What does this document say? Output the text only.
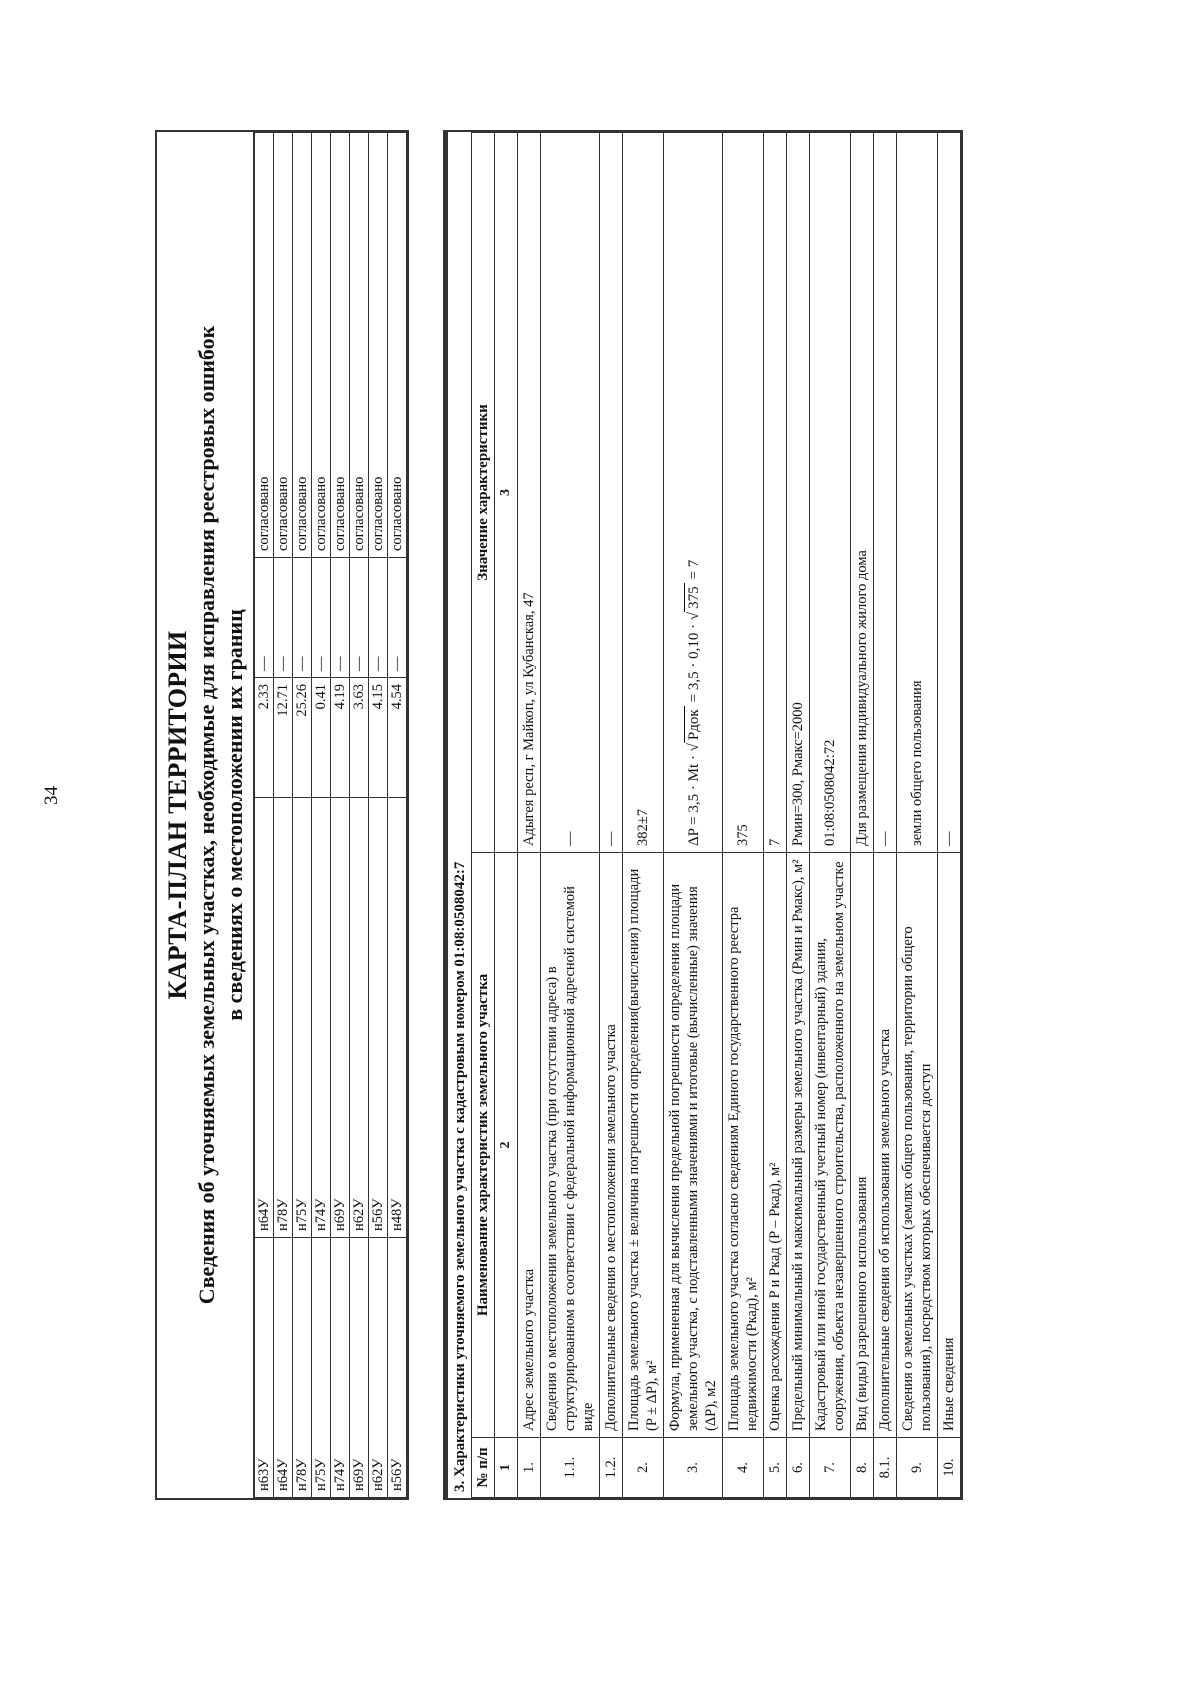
34	КАРТА-ПЛАН ТЕРРИТОРИИ Сведения об уточняемых земельных участках, необходимые для исправления реестровых ошибок в сведениях о местоположении их границ
н63У	н64У	2.33	—	согласовано
н64У	н78У	12.71	—	согласовано
н78У	н75У	25.26	—	согласовано
н75У	н74У	0.41	—	согласовано
н74У	н69У	4.19	—	согласовано
н69У	н62У	3.63	—	согласовано
н62У	н56У	4.15	—	согласовано
н56У	н48У	4.54	—	согласовано
3. Характеристики уточняемого земельного участка с кадастровым номером 01:08:0508042:7 № п/п	Наименование характеристик земельного участка	Значение характеристики
1	2	3
1.	Адрес земельного участка	Адыгея респ, г Майкоп, ул Кубанская, 47
1.1.	Сведения о местоположении земельного участка (при отсутствии адреса) в структурированном в соответствии с федеральной информационной адресной системой виде	—
1.2.	Дополнительные сведения о местоположении земельного участка	—
2.	Площадь земельного участка ± величина погрешности определения(вычисления) площади (P ± ΔP), м²	382±7
3.	Формула, примененная для вычисления предельной погрешности определения площади земельного участка, с подставленными значениями и итоговые (вычисленные) значения (ΔP), м2	ΔP = 3,5 · Mt · √Pдок= 3,5 · 0,10 · √375= 7
4.	Площадь земельного участка согласно сведениям Единого государственного реестра недвижимости (Pкад), м²	375
5.	Оценка расхождения P и Pкад (P – Pкад), м²	7
6.	Предельный минимальный и максимальный размеры земельного участка (Pмин и Pмакс), м²	Pмин=300, Pмакс=2000
7.	Кадастровый или иной государственный учетный номер (инвентарный) здания, сооружения, объекта незавершенного строительства, расположенного на земельном участке	01:08:0508042:72
8.	Вид (виды) разрешенного использования	Для размещения индивидуального жилого дома
8.1.	Дополнительные сведения об использовании земельного участка	—
9.	Сведения о земельных участках (землях общего пользования, территории общего пользования), посредством которых обеспечивается доступ	земли общего пользования
10.	Иные сведения	—
